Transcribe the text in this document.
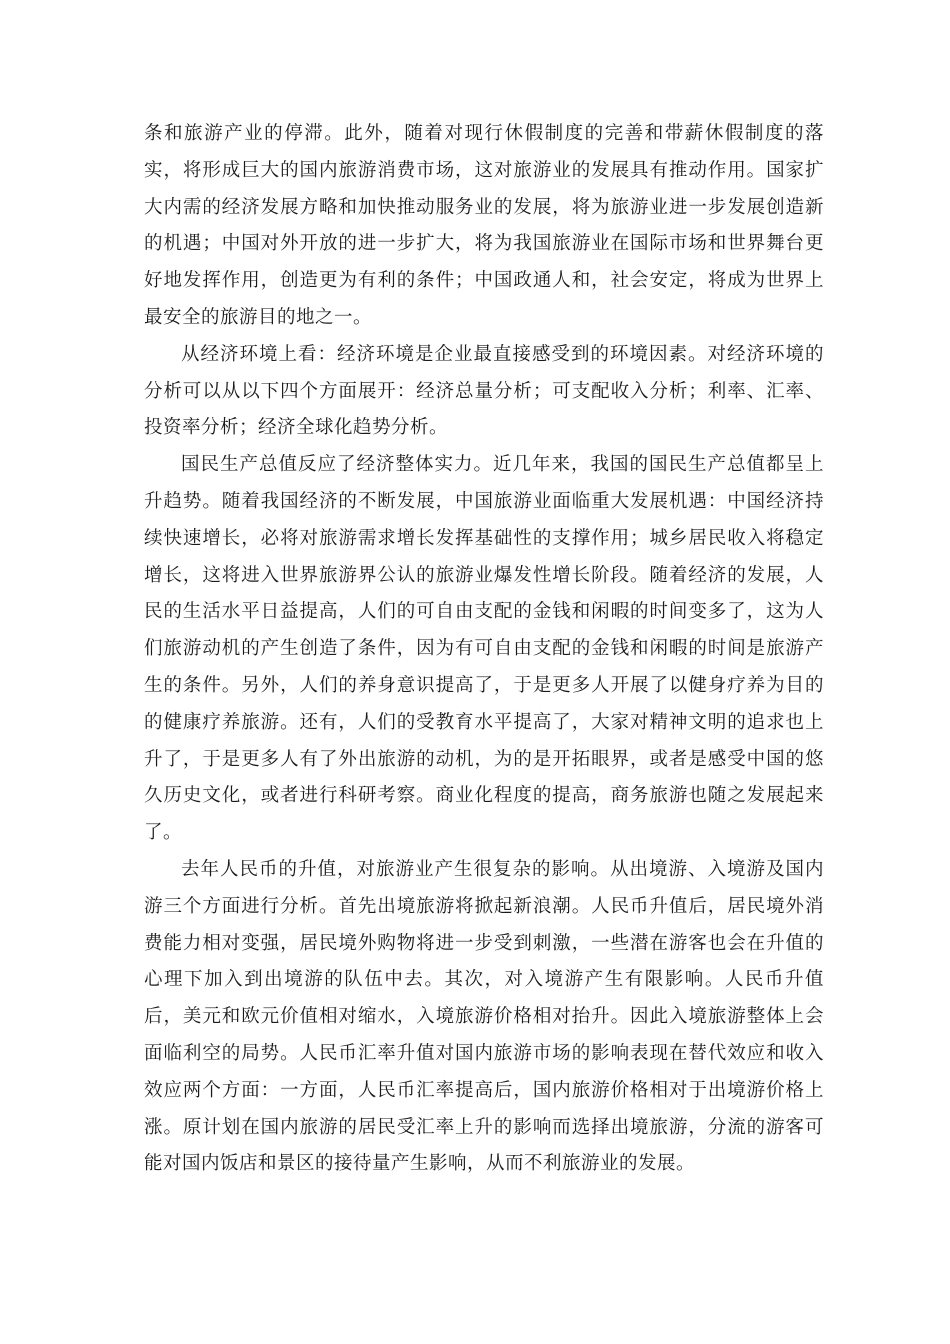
条和旅游产业的停滞。此外，随着对现行休假制度的完善和带薪休假制度的落实，将形成巨大的国内旅游消费市场，这对旅游业的发展具有推动作用。国家扩大内需的经济发展方略和加快推动服务业的发展，将为旅游业进一步发展创造新的机遇；中国对外开放的进一步扩大，将为我国旅游业在国际市场和世界舞台更好地发挥作用，创造更为有利的条件；中国政通人和，社会安定，将成为世界上最安全的旅游目的地之一。

从经济环境上看：经济环境是企业最直接感受到的环境因素。对经济环境的分析可以从以下四个方面展开：经济总量分析；可支配收入分析；利率、汇率、投资率分析；经济全球化趋势分析。

国民生产总值反应了经济整体实力。近几年来，我国的国民生产总值都呈上升趋势。随着我国经济的不断发展，中国旅游业面临重大发展机遇：中国经济持续快速增长，必将对旅游需求增长发挥基础性的支撑作用；城乡居民收入将稳定增长，这将进入世界旅游界公认的旅游业爆发性增长阶段。随着经济的发展，人民的生活水平日益提高，人们的可自由支配的金钱和闲暇的时间变多了，这为人们旅游动机的产生创造了条件，因为有可自由支配的金钱和闲暇的时间是旅游产生的条件。另外，人们的养身意识提高了，于是更多人开展了以健身疗养为目的的健康疗养旅游。还有，人们的受教育水平提高了，大家对精神文明的追求也上升了，于是更多人有了外出旅游的动机，为的是开拓眼界，或者是感受中国的悠久历史文化，或者进行科研考察。商业化程度的提高，商务旅游也随之发展起来了。

去年人民币的升值，对旅游业产生很复杂的影响。从出境游、入境游及国内游三个方面进行分析。首先出境旅游将掀起新浪潮。人民币升值后，居民境外消费能力相对变强，居民境外购物将进一步受到刺激，一些潜在游客也会在升值的心理下加入到出境游的队伍中去。其次，对入境游产生有限影响。人民币升值后，美元和欧元价值相对缩水，入境旅游价格相对抬升。因此入境旅游整体上会面临利空的局势。人民币汇率升值对国内旅游市场的影响表现在替代效应和收入效应两个方面：一方面，人民币汇率提高后，国内旅游价格相对于出境游价格上涨。原计划在国内旅游的居民受汇率上升的影响而选择出境旅游，分流的游客可能对国内饭店和景区的接待量产生影响，从而不利旅游业的发展。
